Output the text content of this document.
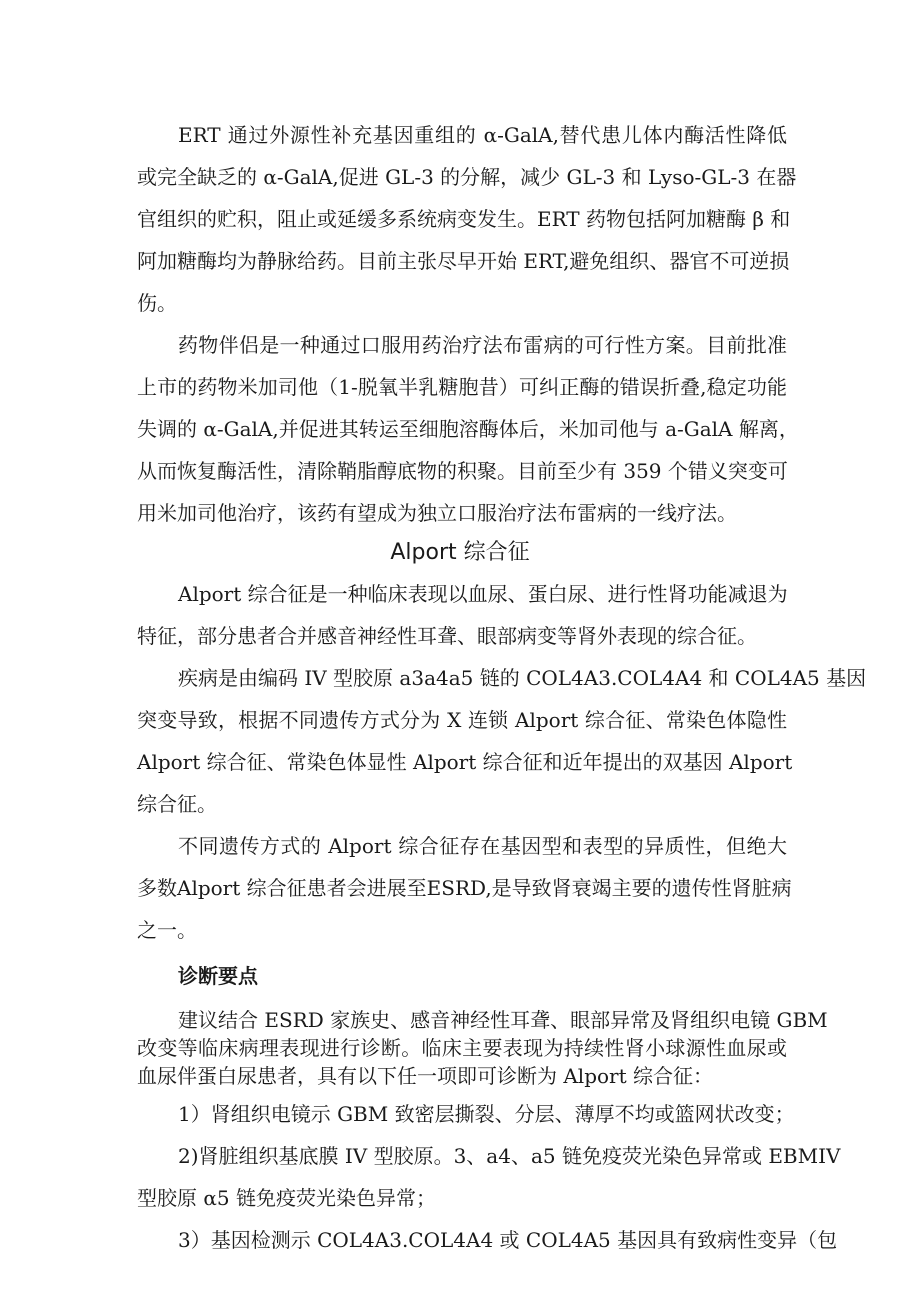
ERT 通过外源性补充基因重组的 α-GalA,替代患儿体内酶活性降低
或完全缺乏的 α-GalA,促进 GL-3 的分解，减少 GL-3 和 Lyso-GL-3 在器
官组织的贮积，阻止或延缓多系统病变发生。ERT 药物包括阿加糖酶 β 和
阿加糖酶均为静脉给药。目前主张尽早开始 ERT,避免组织、器官不可逆损
伤。
药物伴侣是一种通过口服用药治疗法布雷病的可行性方案。目前批准
上市的药物米加司他（1-脱氧半乳糖胞昔）可纠正酶的错误折叠,稳定功能
失调的 α-GalA,并促进其转运至细胞溶酶体后，米加司他与 a-GalA 解离，
从而恢复酶活性，清除鞘脂醇底物的积聚。目前至少有 359 个错义突变可
用米加司他治疗，该药有望成为独立口服治疗法布雷病的一线疗法。
Alport 综合征
Alport 综合征是一种临床表现以血尿、蛋白尿、进行性肾功能减退为
特征，部分患者合并感音神经性耳聋、眼部病变等肾外表现的综合征。
疾病是由编码 IV 型胶原 a3a4a5 链的 COL4A3.COL4A4 和 COL4A5 基因
突变导致，根据不同遗传方式分为 X 连锁 Alport 综合征、常染色体隐性
Alport 综合征、常染色体显性 Alport 综合征和近年提出的双基因 Alport
综合征。
不同遗传方式的 Alport 综合征存在基因型和表型的异质性，但绝大
多数Alport 综合征患者会进展至ESRD,是导致肾衰竭主要的遗传性肾脏病
之一。
诊断要点
建议结合 ESRD 家族史、感音神经性耳聋、眼部异常及肾组织电镜 GBM
改变等临床病理表现进行诊断。临床主要表现为持续性肾小球源性血尿或
血尿伴蛋白尿患者，具有以下任一项即可诊断为 Alport 综合征：
1）肾组织电镜示 GBM 致密层撕裂、分层、薄厚不均或篮网状改变；
2)肾脏组织基底膜 IV 型胶原。3、a4、a5 链免疫荧光染色异常或 EBMIV
型胶原 α5 链免疫荧光染色异常；
3）基因检测示 COL4A3.COL4A4 或 COL4A5 基因具有致病性变异（包
